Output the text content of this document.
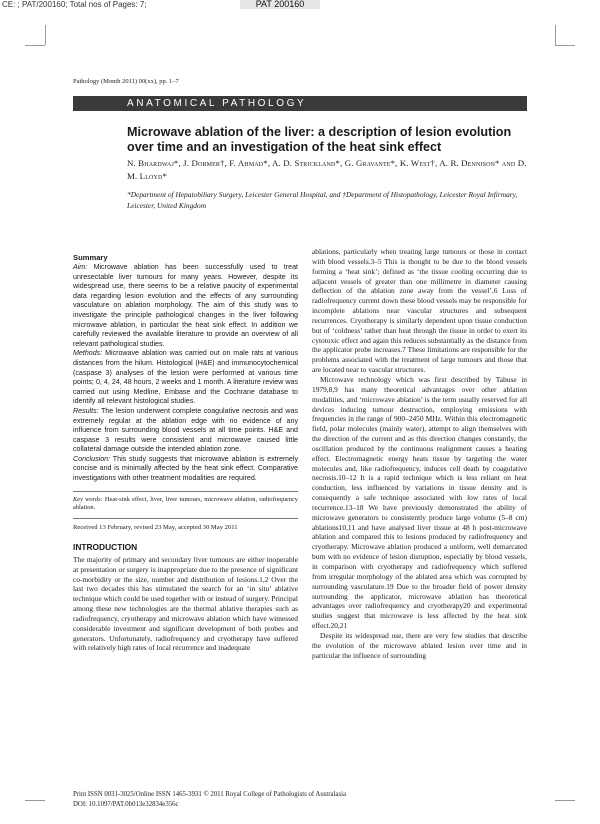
CE: ; PAT/200160; Total nos of Pages: 7;	PAT 200160
Pathology (Month 2011) 00(xx), pp. 1–7
ANATOMICAL PATHOLOGY
Microwave ablation of the liver: a description of lesion evolution over time and an investigation of the heat sink effect
N. Bhardwaj*, J. Dormer†, F. Ahmad*, A. D. Strickland*, G. Gravante*, K. West†, A. R. Dennison* and D. M. Lloyd*
*Department of Hepatobiliary Surgery, Leicester General Hospital, and †Department of Histopathology, Leicester Royal Infirmary, Leicester, United Kingdom
Summary

Aim: Microwave ablation has been successfully used to treat unresectable liver tumours for many years. However, despite its widespread use, there seems to be a relative paucity of experimental data regarding lesion evolution and the effects of any surrounding vasculature on ablation morphology. The aim of this study was to investigate the principle pathological changes in the liver following microwave ablation, in particular the heat sink effect. In addition we carefully reviewed the available literature to provide an overview of all relevant pathological studies.

Methods: Microwave ablation was carried out on male rats at various distances from the hilum. Histological (H&E) and immunocytochemical (caspase 3) analyses of the lesion were performed at various time points; 0, 4, 24, 48 hours, 2 weeks and 1 month. A literature review was carried out using Medline, Embase and the Cochrane database to identify all relevant histological studies.

Results: The lesion underwent complete coagulative necrosis and was extremely regular at the ablation edge with no evidence of any influence from surrounding blood vessels at all time points. H&E and caspase 3 results were consistent and microwave caused little collateral damage outside the intended ablation zone.

Conclusion: This study suggests that microwave ablation is extremely concise and is minimally affected by the heat sink effect. Comparative investigations with other treatment modalities are required.

Key words: Heat-sink effect, liver, liver tumours, microwave ablation, radiofrequency ablation.

Received 13 February, revised 23 May, accepted 30 May 2011
INTRODUCTION

The majority of primary and secondary liver tumours are either inoperable at presentation or surgery is inappropriate due to the presence of significant co-morbidity or the size, number and distribution of lesions.1,2 Over the last two decades this has stimulated the search for an ‘in situ’ ablative technique which could be used together with or instead of surgery. Principal among these new technologies are the thermal ablative therapies such as radiofrequency, cryotherapy and microwave ablation which have witnessed considerable investment and significant development of both probes and generators. Unfortunately, radiofrequency and cryotherapy have suffered with relatively high rates of local recurrence and inadequate

ablations, particularly when treating large tumours or those in contact with blood vessels.3–5 This is thought to be due to the blood vessels forming a ‘heat sink’; defined as ‘the tissue cooling occurring due to adjacent vessels of greater than one millimetre in diameter causing deflection of the ablation zone away from the vessel’.6 Loss of radiofrequency current down these blood vessels may be responsible for incomplete ablations near vascular structures and subsequent recurrences. Cryotherapy is similarly dependent upon tissue conduction but of ‘coldness’ rather than heat through the tissue in order to exert its cytotoxic effect and again this reduces substantially as the distance from the applicator probe increases.7 These limitations are responsible for the problems associated with the treatment of large tumours and those that are located near to vascular structures.

Microwave technology which was first described by Tabuse in 1979,8,9 has many theoretical advantages over other ablation modalities, and ‘microwave ablation’ is the term usually reserved for all devices inducing tumour destruction, employing emissions with frequencies in the range of 900–2450 MHz. Within this electromagnetic field, polar molecules (mainly water), attempt to align themselves with the direction of the current and as this direction changes constantly, the oscillation produced by the continuous realignment causes a heating effect. Electromagnetic energy heats tissue by targeting the water molecules and, like radiofrequency, induces cell death by coagulative necrosis.10–12 It is a rapid technique which is less reliant on heat conduction, less influenced by variations in tissue density and is consequently a safe technique associated with low rates of local recurrence.13–18 We have previously demonstrated the ability of microwave generators to consistently produce large volume (5–8 cm) ablations10,11 and have analysed liver tissue at 48 h post-microwave ablation and compared this to lesions produced by radiofrequency and cryotherapy. Microwave ablation produced a uniform, well demarcated burn with no evidence of lesion disruption, especially by blood vessels, in comparison with cryotherapy and radiofrequency which suffered from irregular morphology of the ablated area which was corrupted by surrounding vasculature.19 Due to the broader field of power density surrounding the applicator, microwave ablation has theoretical advantages over radiofrequency and cryotherapy20 and experimental studies suggest that microwave is less affected by the heat sink effect.20,21

Despite its widespread use, there are very few studies that describe the evolution of the microwave ablated lesion over time and in particular the influence of surrounding

Print ISSN 0031-3025/Online ISSN 1465-3931 © 2011 Royal College of Pathologists of Australasia
DOI: 10.1097/PAT.0b013e32834e356c
